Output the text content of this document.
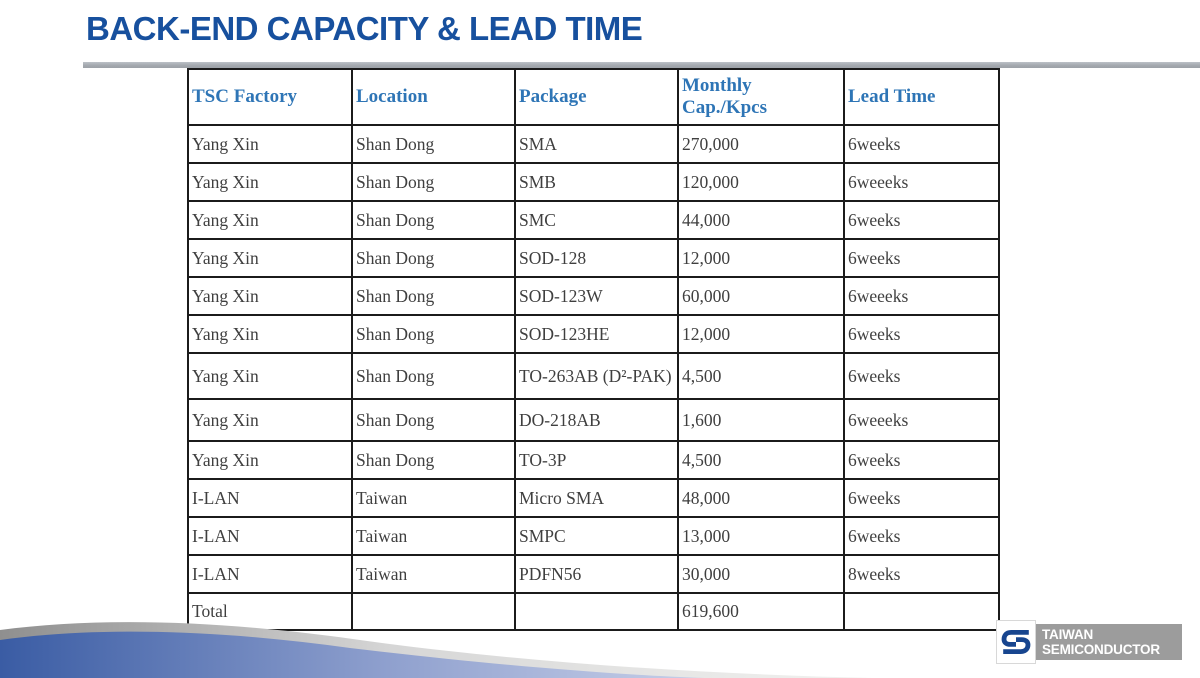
BACK-END CAPACITY & LEAD TIME
TSC Factory	Location	Package	Monthly Cap./Kpcs	Lead Time
Yang Xin	Shan Dong	SMA	270,000	6weeks
Yang Xin	Shan Dong	SMB	120,000	6weeeks
Yang Xin	Shan Dong	SMC	44,000	6weeks
Yang Xin	Shan Dong	SOD-128	12,000	6weeks
Yang Xin	Shan Dong	SOD-123W	60,000	6weeeks
Yang Xin	Shan Dong	SOD-123HE	12,000	6weeks
Yang Xin	Shan Dong	TO-263AB (D²-PAK)	4,500	6weeks
Yang Xin	Shan Dong	DO-218AB	1,600	6weeeks
Yang Xin	Shan Dong	TO-3P	4,500	6weeks
I-LAN	Taiwan	Micro SMA	48,000	6weeks
I-LAN	Taiwan	SMPC	13,000	6weeks
I-LAN	Taiwan	PDFN56	30,000	8weeks
Total			619,600	
TAIWAN
SEMICONDUCTOR
